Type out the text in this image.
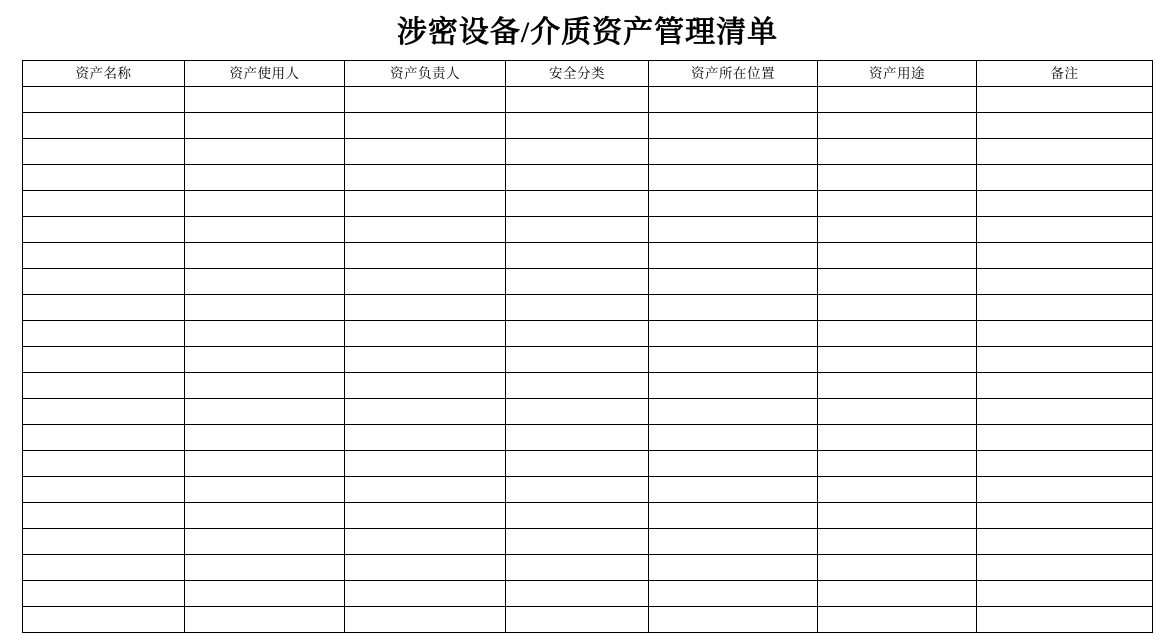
涉密设备/介质资产管理清单
资产名称	资产使用人	资产负责人	安全分类	资产所在位置	资产用途	备注
